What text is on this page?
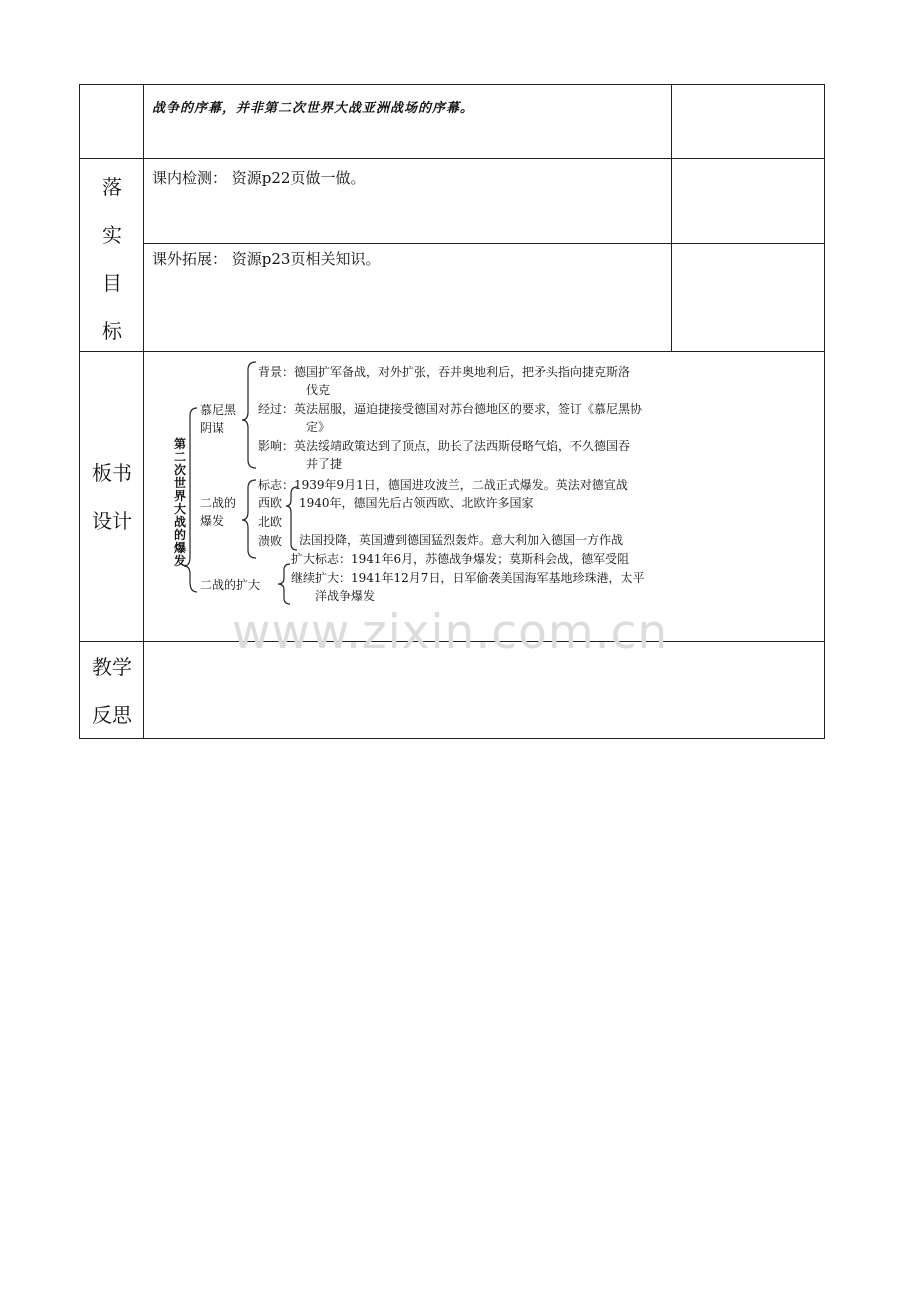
战争的序幕，并非第二次世界大战亚洲战场的序幕。
落
实
目
标
课内检测： 资源p22页做一做。
课外拓展： 资源p23页相关知识。
板书
设计
教学
反思
第二次世界大战的爆发
慕尼黑
阴谋
背景：德国扩军备战，对外扩张，吞并奥地利后，把矛头指向捷克斯洛
伐克
经过：英法屈服，逼迫捷接受德国对苏台德地区的要求，签订《慕尼黑协
定》
影响：英法绥靖政策达到了顶点，助长了法西斯侵略气焰，不久德国吞
并了捷
二战的
爆发
标志：1939年9月1日，德国进攻波兰，二战正式爆发。英法对德宣战
西欧
北欧
溃败
1940年，德国先后占领西欧、北欧许多国家
法国投降，英国遭到德国猛烈轰炸。意大利加入德国一方作战
二战的扩大
扩大标志：1941年6月，苏德战争爆发；莫斯科会战，德军受阻
继续扩大：1941年12月7日，日军偷袭美国海军基地珍珠港，太平
洋战争爆发
www.zixin.com.cn
